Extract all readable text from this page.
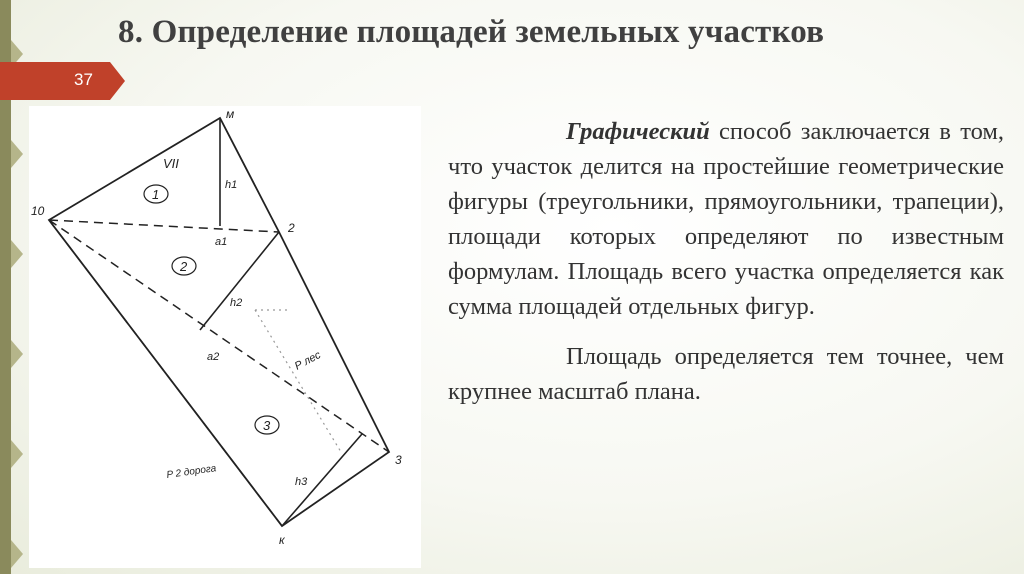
8. Определение площадей земельных участков
37
1
2
3
м
10
2
3
к
VII
h1
h2
h3
a1
a2	P лес
P 2 дорога

Графический способ заключается в том, что участок делится на простейшие геометрические фигуры (треугольники, прямоугольники, трапеции), площади которых определяют по известным формулам. Площадь всего участка определяется как сумма площадей отдельных фигур.

Площадь определяется тем точнее, чем крупнее масштаб плана.
